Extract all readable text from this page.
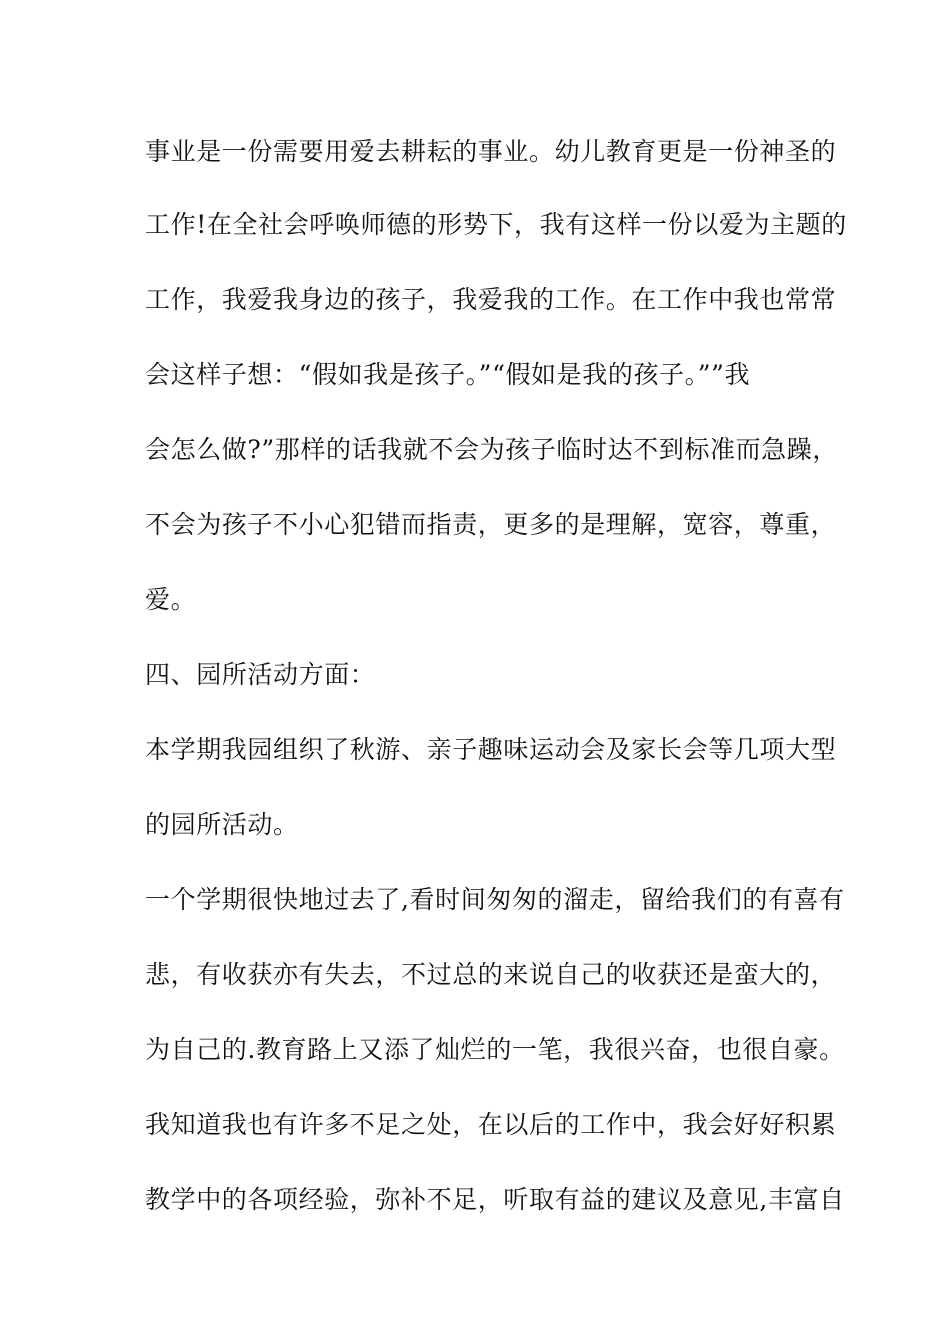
事业是一份需要用爱去耕耘的事业。幼儿教育更是一份神圣的
工作!在全社会呼唤师德的形势下，我有这样一份以爱为主题的
工作，我爱我身边的孩子，我爱我的工作。在工作中我也常常
会这样子想：“假如我是孩子。”“假如是我的孩子。””我
会怎么做?”那样的话我就不会为孩子临时达不到标准而急躁，
不会为孩子不小心犯错而指责，更多的是理解，宽容，尊重，
爱。
四、园所活动方面：
本学期我园组织了秋游、亲子趣味运动会及家长会等几项大型
的园所活动。
一个学期很快地过去了,看时间匆匆的溜走，留给我们的有喜有
悲，有收获亦有失去，不过总的来说自己的收获还是蛮大的，
为自己的.教育路上又添了灿烂的一笔，我很兴奋，也很自豪。
我知道我也有许多不足之处，在以后的工作中，我会好好积累
教学中的各项经验，弥补不足，听取有益的建议及意见,丰富自
